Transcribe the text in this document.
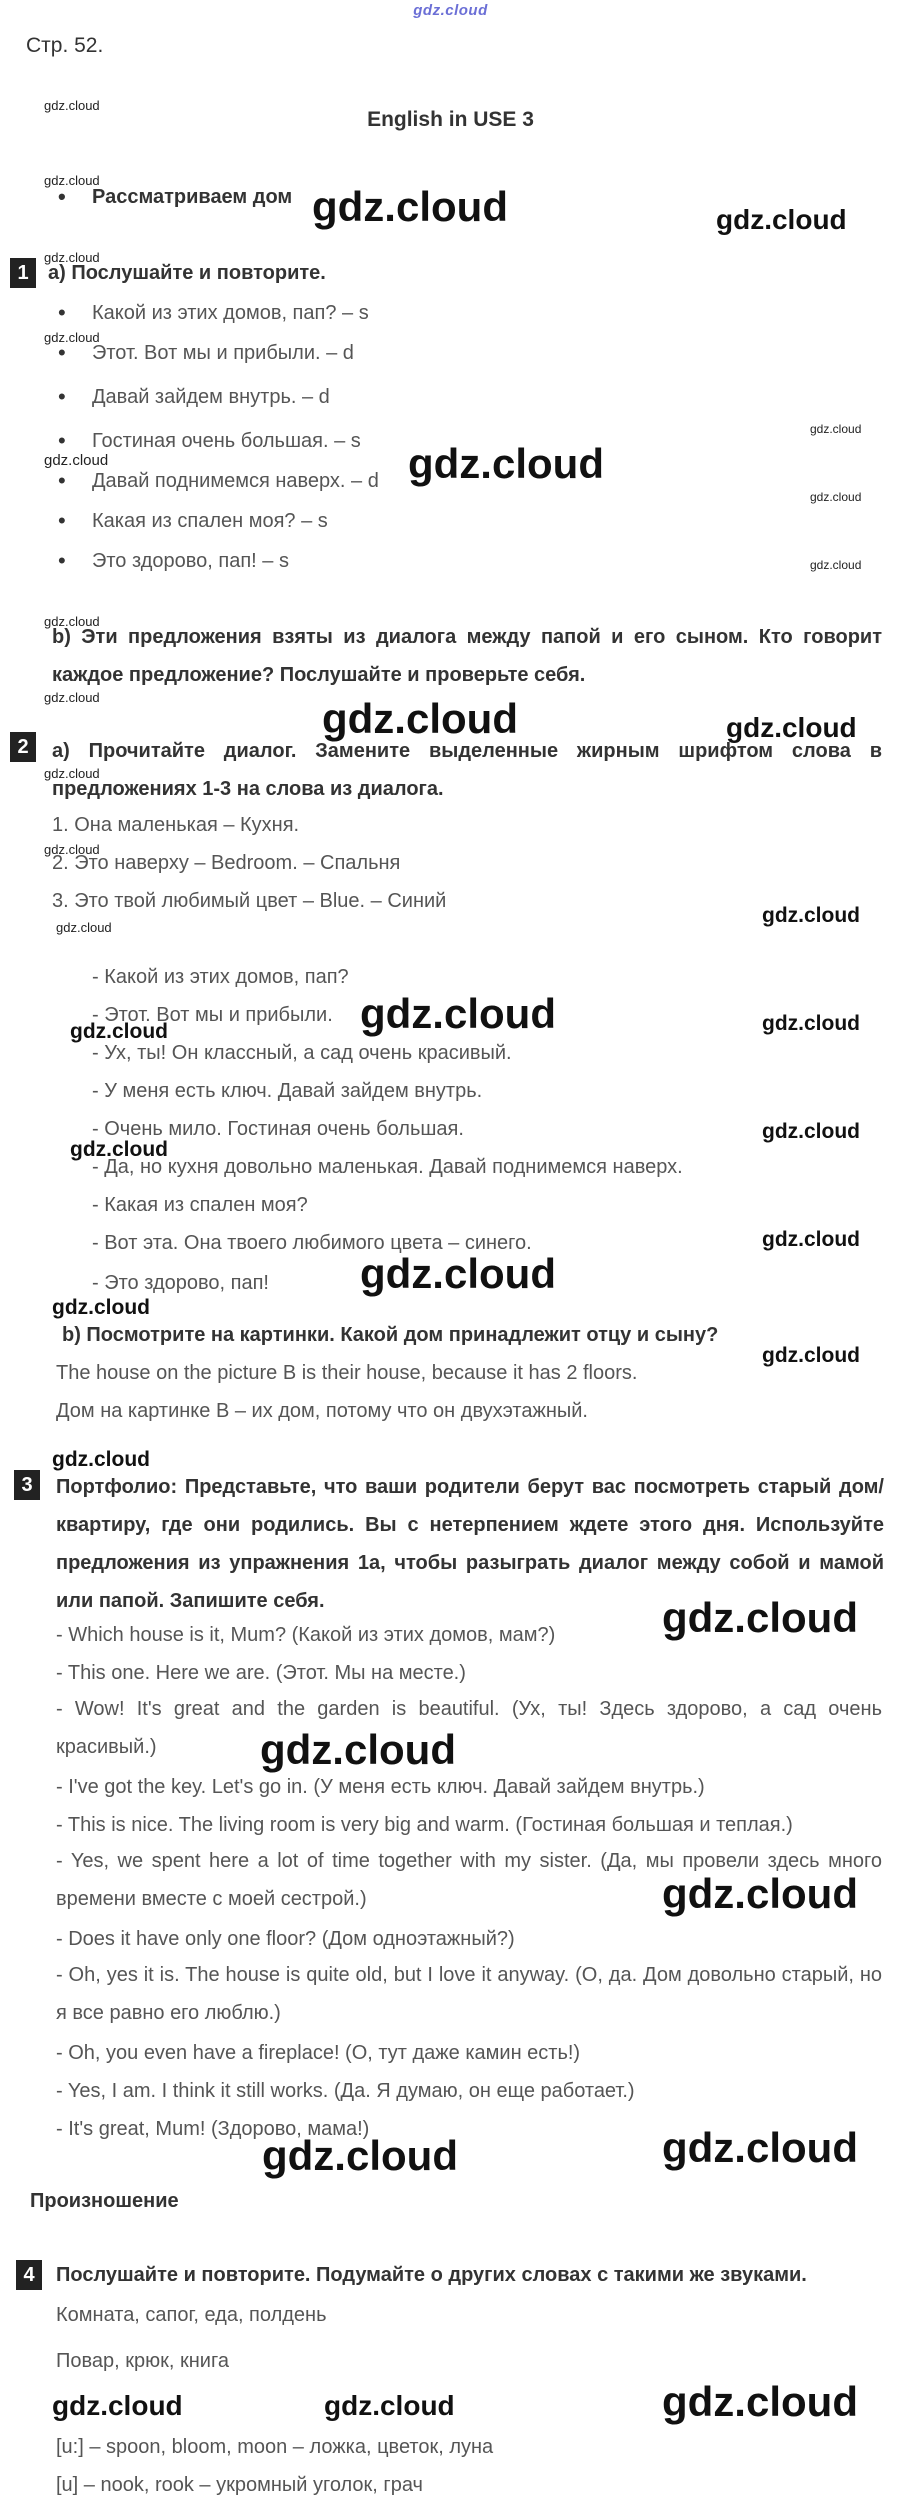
gdz.cloud
Стр. 52.
English in USE 3
gdz.cloud
gdz.cloud
gdz.cloud	gdz.cloud
gdz.cloud
gdz.cloud
gdz.cloud
gdz.cloud	gdz.cloud
gdz.cloud
gdz.cloud
gdz.cloud
gdz.cloud	gdz.cloud	gdz.cloud
gdz.cloud
gdz.cloud
gdz.cloud
gdz.cloud
gdz.cloud
gdz.cloud	gdz.cloud
gdz.cloud
gdz.cloud
gdz.cloud
gdz.cloud
gdz.cloud
gdz.cloud
gdz.cloud
gdz.cloud
gdz.cloud
gdz.cloud
gdz.cloud	gdz.cloud
gdz.cloud	gdz.cloud	gdz.cloud
• Рассматриваем дом
1 a) Послушайте и повторите.
• Какой из этих домов, пап? – s
• Этот. Вот мы и прибыли. – d
• Давай зайдем внутрь. – d
• Гостиная очень большая. – s
• Давай поднимемся наверх. – d
• Какая из спален моя? – s
• Это здорово, пап! – s
b) Эти предложения взяты из диалога между папой и его сыном. Кто говорит каждое предложение? Послушайте и проверьте себя.
2	a) Прочитайте диалог. Замените выделенные жирным шрифтом слова в предложениях 1-3 на слова из диалога.
1. Она маленькая – Кухня.
2. Это наверху – Bedroom. – Спальня
3. Это твой любимый цвет – Blue. – Синий
- Какой из этих домов, пап?
- Этот. Вот мы и прибыли.
- Ух, ты! Он классный, а сад очень красивый.
- У меня есть ключ. Давай зайдем внутрь.
- Очень мило. Гостиная очень большая.
- Да, но кухня довольно маленькая. Давай поднимемся наверх.
- Какая из спален моя?
- Вот эта. Она твоего любимого цвета – синего.
- Это здорово, пап!
b) Посмотрите на картинки. Какой дом принадлежит отцу и сыну?
The house on the picture B is their house, because it has 2 floors.
Дом на картинке В – их дом, потому что он двухэтажный.
3	Портфолио: Представьте, что ваши родители берут вас посмотреть старый дом/квартиру, где они родились. Вы с нетерпением ждете этого дня. Используйте предложения из упражнения 1а, чтобы разыграть диалог между собой и мамой или папой. Запишите себя.
- Which house is it, Mum? (Какой из этих домов, мам?)
- This one. Here we are. (Этот. Мы на месте.)
- Wow! It's great and the garden is beautiful. (Ух, ты! Здесь здорово, а сад очень красивый.)
- I've got the key. Let's go in. (У меня есть ключ. Давай зайдем внутрь.)
- This is nice. The living room is very big and warm. (Гостиная большая и теплая.)
- Yes, we spent here a lot of time together with my sister. (Да, мы провели здесь много времени вместе с моей сестрой.)
- Does it have only one floor? (Дом одноэтажный?)
- Oh, yes it is. The house is quite old, but I love it anyway. (О, да. Дом довольно старый, но я все равно его люблю.)
- Oh, you even have a fireplace! (О, тут даже камин есть!)
- Yes, I am. I think it still works. (Да. Я думаю, он еще работает.)
- It's great, Mum! (Здорово, мама!)
Произношение
4	Послушайте и повторите. Подумайте о других словах с такими же звуками.
Комната, сапог, еда, полдень
Повар, крюк, книга
[u:] – spoon, bloom, moon – ложка, цветок, луна
[u] – nook, rook – укромный уголок, грач
